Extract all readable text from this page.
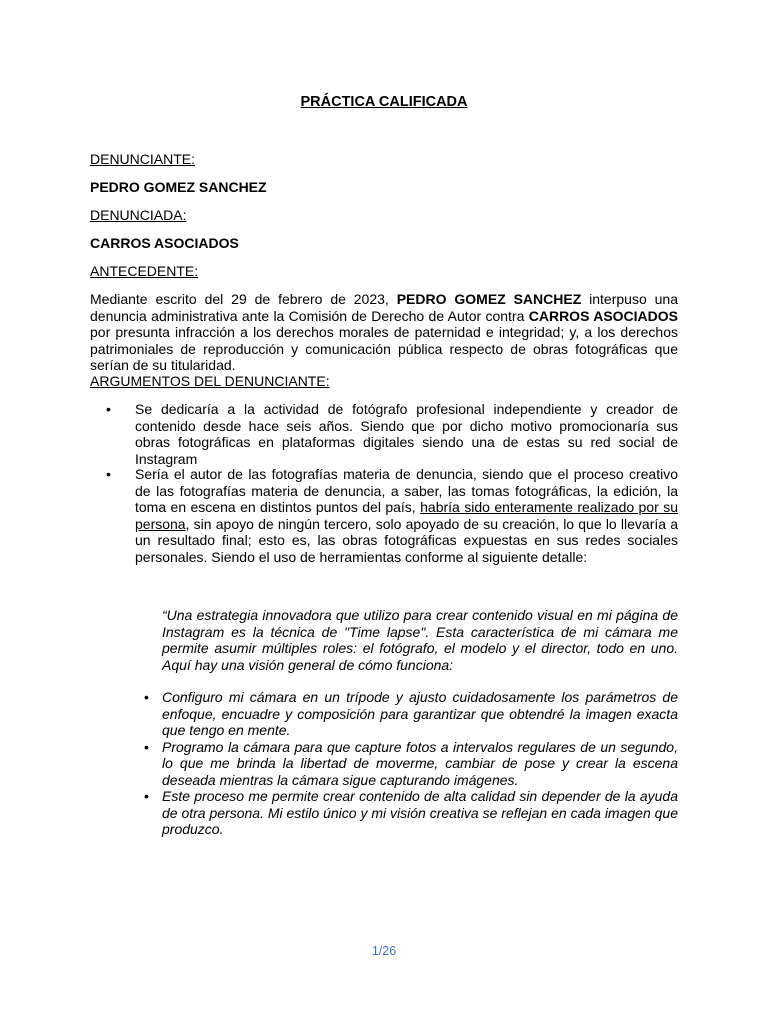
PRÁCTICA CALIFICADA
DENUNCIANTE:
PEDRO GOMEZ SANCHEZ
DENUNCIADA:
CARROS ASOCIADOS
ANTECEDENTE:

Mediante escrito del 29 de febrero de 2023, PEDRO GOMEZ SANCHEZ interpuso una denuncia administrativa ante la Comisión de Derecho de Autor contra CARROS ASOCIADOS por presunta infracción a los derechos morales de paternidad e integridad; y, a los derechos patrimoniales de reproducción y comunicación pública respecto de obras fotográficas que serían de su titularidad.

ARGUMENTOS DEL DENUNCIANTE:
• Se dedicaría a la actividad de fotógrafo profesional independiente y creador de contenido desde hace seis años. Siendo que por dicho motivo promocionaría sus obras fotográficas en plataformas digitales siendo una de estas su red social de Instagram
• Sería el autor de las fotografías materia de denuncia, siendo que el proceso creativo de las fotografías materia de denuncia, a saber, las tomas fotográficas, la edición, la toma en escena en distintos puntos del país, habría sido enteramente realizado por su persona, sin apoyo de ningún tercero, solo apoyado de su creación, lo que lo llevaría a un resultado final; esto es, las obras fotográficas expuestas en sus redes sociales personales. Siendo el uso de herramientas conforme al siguiente detalle:

“Una estrategia innovadora que utilizo para crear contenido visual en mi página de Instagram es la técnica de "Time lapse". Esta característica de mi cámara me permite asumir múltiples roles: el fotógrafo, el modelo y el director, todo en uno. Aquí hay una visión general de cómo funciona:

• Configuro mi cámara en un trípode y ajusto cuidadosamente los parámetros de enfoque, encuadre y composición para garantizar que obtendré la imagen exacta que tengo en mente.
• Programo la cámara para que capture fotos a intervalos regulares de un segundo, lo que me brinda la libertad de moverme, cambiar de pose y crear la escena deseada mientras la cámara sigue capturando imágenes.
• Este proceso me permite crear contenido de alta calidad sin depender de la ayuda de otra persona. Mi estilo único y mi visión creativa se reflejan en cada imagen que produzco.
1/26
